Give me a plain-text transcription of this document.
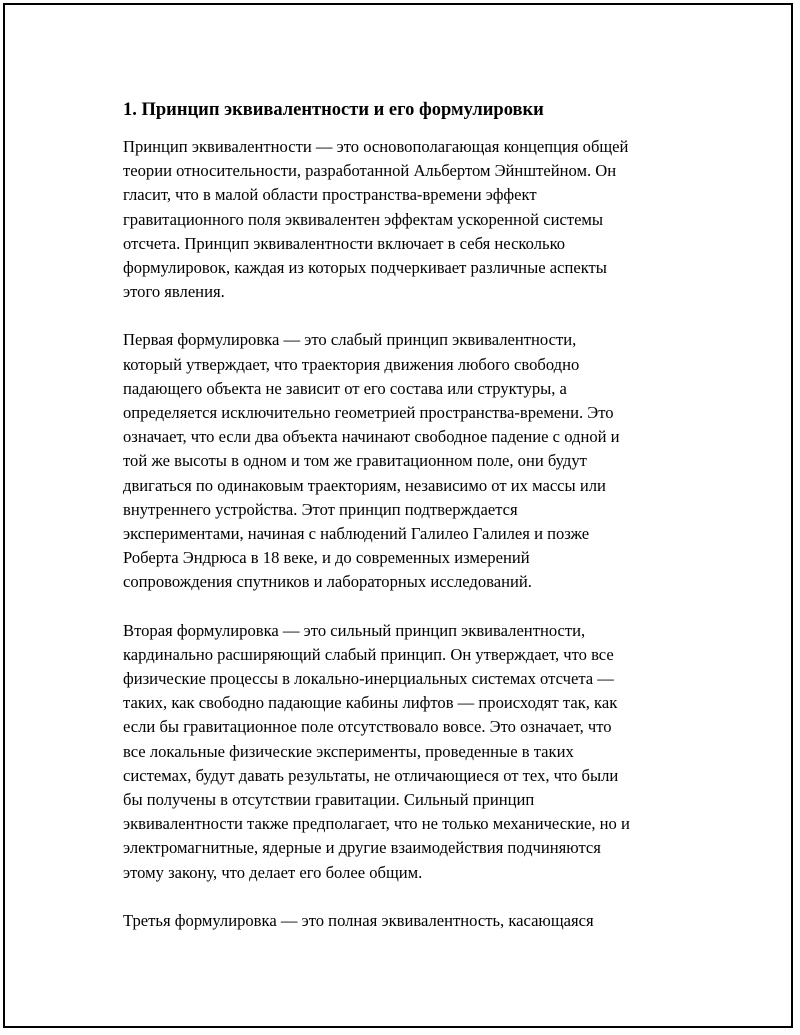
1. Принцип эквивалентности и его формулировки

Принцип эквивалентности — это основополагающая концепция общей
теории относительности, разработанной Альбертом Эйнштейном. Он
гласит, что в малой области пространства-времени эффект
гравитационного поля эквивалентен эффектам ускоренной системы
отсчета. Принцип эквивалентности включает в себя несколько
формулировок, каждая из которых подчеркивает различные аспекты
этого явления.

Первая формулировка — это слабый принцип эквивалентности,
который утверждает, что траектория движения любого свободно
падающего объекта не зависит от его состава или структуры, а
определяется исключительно геометрией пространства-времени. Это
означает, что если два объекта начинают свободное падение с одной и
той же высоты в одном и том же гравитационном поле, они будут
двигаться по одинаковым траекториям, независимо от их массы или
внутреннего устройства. Этот принцип подтверждается
экспериментами, начиная с наблюдений Галилео Галилея и позже
Роберта Эндрюса в 18 веке, и до современных измерений
сопровождения спутников и лабораторных исследований.

Вторая формулировка — это сильный принцип эквивалентности,
кардинально расширяющий слабый принцип. Он утверждает, что все
физические процессы в локально-инерциальных системах отсчета —
таких, как свободно падающие кабины лифтов — происходят так, как
если бы гравитационное поле отсутствовало вовсе. Это означает, что
все локальные физические эксперименты, проведенные в таких
системах, будут давать результаты, не отличающиеся от тех, что были
бы получены в отсутствии гравитации. Сильный принцип
эквивалентности также предполагает, что не только механические, но и
электромагнитные, ядерные и другие взаимодействия подчиняются
этому закону, что делает его более общим.

Третья формулировка — это полная эквивалентность, касающаяся
